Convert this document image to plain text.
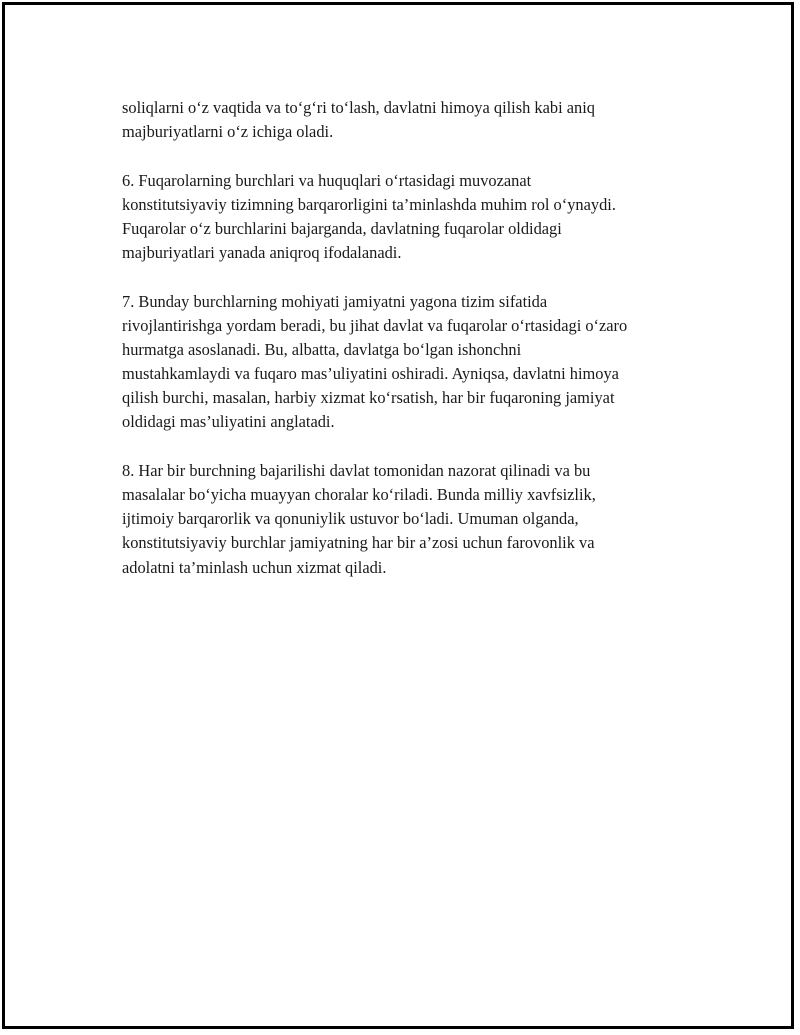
soliqlarni o‘z vaqtida va to‘g‘ri to‘lash, davlatni himoya qilish kabi aniq
majburiyatlarni o‘z ichiga oladi.

6. Fuqarolarning burchlari va huquqlari o‘rtasidagi muvozanat
konstitutsiyaviy tizimning barqarorligini ta’minlashda muhim rol o‘ynaydi.
Fuqarolar o‘z burchlarini bajarganda, davlatning fuqarolar oldidagi
majburiyatlari yanada aniqroq ifodalanadi.

7. Bunday burchlarning mohiyati jamiyatni yagona tizim sifatida
rivojlantirishga yordam beradi, bu jihat davlat va fuqarolar o‘rtasidagi o‘zaro
hurmatga asoslanadi. Bu, albatta, davlatga bo‘lgan ishonchni
mustahkamlaydi va fuqaro mas’uliyatini oshiradi. Ayniqsa, davlatni himoya
qilish burchi, masalan, harbiy xizmat ko‘rsatish, har bir fuqaroning jamiyat
oldidagi mas’uliyatini anglatadi.

8. Har bir burchning bajarilishi davlat tomonidan nazorat qilinadi va bu
masalalar bo‘yicha muayyan choralar ko‘riladi. Bunda milliy xavfsizlik,
ijtimoiy barqarorlik va qonuniylik ustuvor bo‘ladi. Umuman olganda,
konstitutsiyaviy burchlar jamiyatning har bir a’zosi uchun farovonlik va
adolatni ta’minlash uchun xizmat qiladi.
